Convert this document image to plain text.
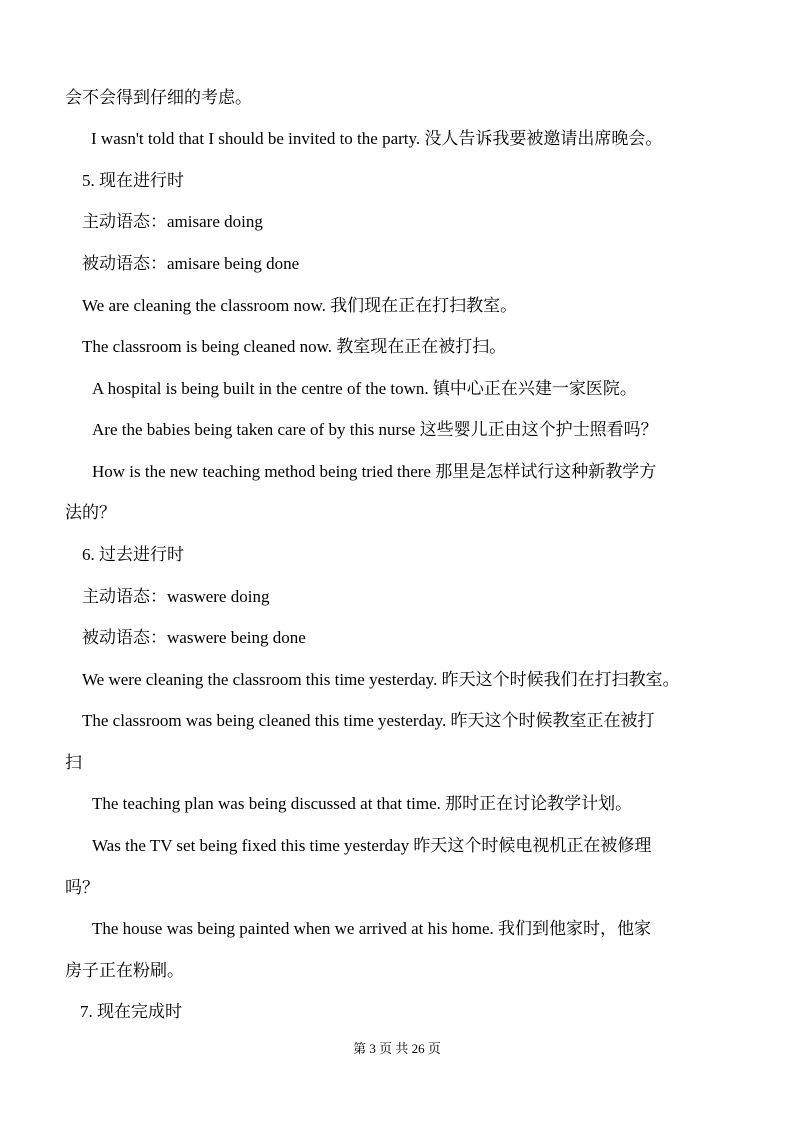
会不会得到仔细的考虑。
I wasn't told that I should be invited to the party. 没人告诉我要被邀请出席晚会。
5. 现在进行时
主动语态：amisare doing
被动语态：amisare being done
We are cleaning the classroom now. 我们现在正在打扫教室。
The classroom is being cleaned now. 教室现在正在被打扫。
A hospital is being built in the centre of the town. 镇中心正在兴建一家医院。
Are the babies being taken care of by this nurse 这些婴儿正由这个护士照看吗？
How is the new teaching method being tried there 那里是怎样试行这种新教学方
法的？
6. 过去进行时
主动语态：waswere doing
被动语态：waswere being done
We were cleaning the classroom this time yesterday. 昨天这个时候我们在打扫教室。
The classroom was being cleaned this time yesterday. 昨天这个时候教室正在被打
扫
The teaching plan was being discussed at that time. 那时正在讨论教学计划。
Was the TV set being fixed this time yesterday 昨天这个时候电视机正在被修理
吗？
The house was being painted when we arrived at his home. 我们到他家时，他家
房子正在粉刷。
7. 现在完成时
第 3 页 共 26 页
